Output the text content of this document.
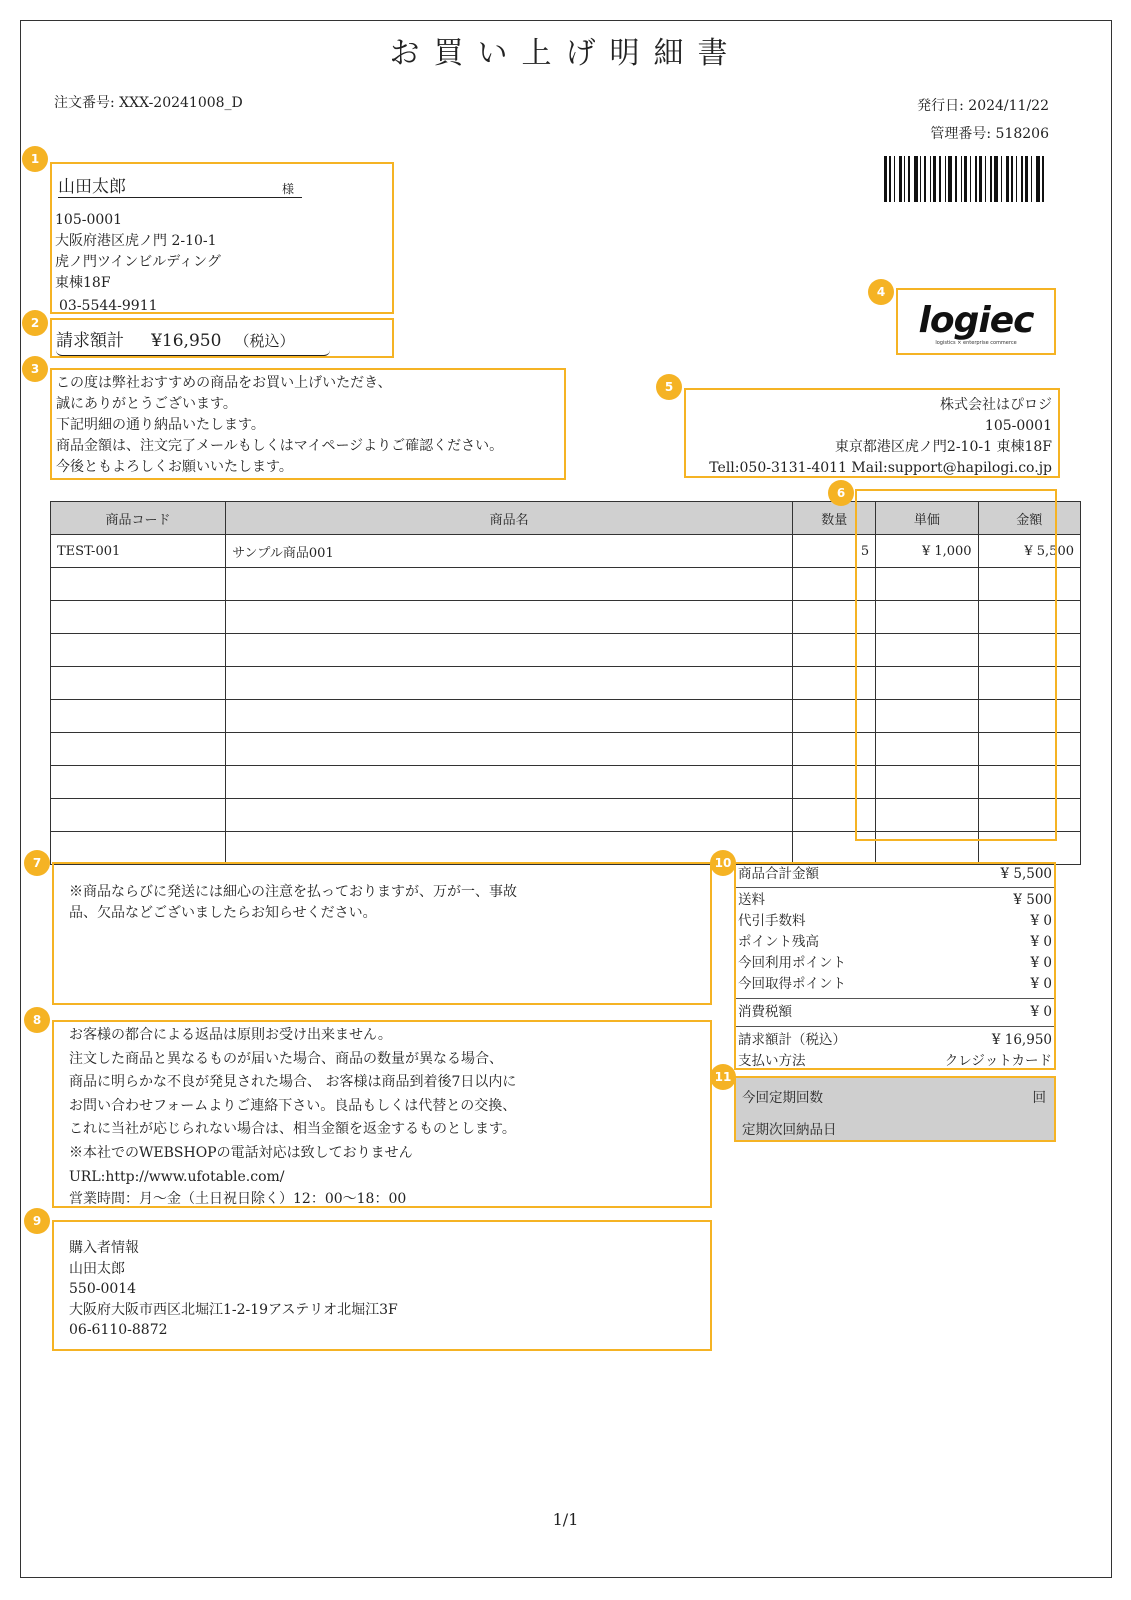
お買い上げ明細書
注文番号: XXX-20241008_D	発行日: 2024/11/22
管理番号: 518206
1
山田太郎	様
105-0001
大阪府港区虎ノ門 2-10-1
虎ノ門ツインビルディング
東棟18F
03-5544-9911
2
請求額計 ¥16,950 （税込）
3
この度は弊社おすすめの商品をお買い上げいただき、
誠にありがとうございます。
下記明細の通り納品いたします。
商品金額は、注文完了メールもしくはマイページよりご確認ください。
今後ともよろしくお願いいたします。
4
logiec
logistics × enterprise commerce
5
株式会社はぴロジ
105-0001
東京都港区虎ノ門2-10-1 東棟18F
Tell:050-3131-4011 Mail:support@hapilogi.co.jp
商品コード	商品名	数量	単価	金額
TEST-001	サンプル商品001	5	¥ 1,000	¥ 5,500

6
7
※商品ならびに発送には細心の注意を払っておりますが、万が一、事故
品、欠品などございましたらお知らせください。
8
お客様の都合による返品は原則お受け出来ません。
注文した商品と異なるものが届いた場合、商品の数量が異なる場合、
商品に明らかな不良が発見された場合、 お客様は商品到着後7日以内に
お問い合わせフォームよりご連絡下さい。良品もしくは代替との交換、
これに当社が応じられない場合は、相当金額を返金するものとします。
※本社でのWEBSHOPの電話対応は致しておりません
URL:http://www.ufotable.com/
営業時間：月～金（土日祝日除く）12：00～18：00
9
購入者情報
山田太郎
550-0014
大阪府大阪市西区北堀江1-2-19アステリオ北堀江3F
06-6110-8872
10
商品合計金額	¥ 5,500
送料	¥ 500
代引手数料	¥ 0
ポイント残高	¥ 0
今回利用ポイント	¥ 0
今回取得ポイント	¥ 0
消費税額	¥ 0
請求額計（税込）	¥ 16,950
支払い方法	クレジットカード
11
今回定期回数	回
定期次回納品日
1/1
